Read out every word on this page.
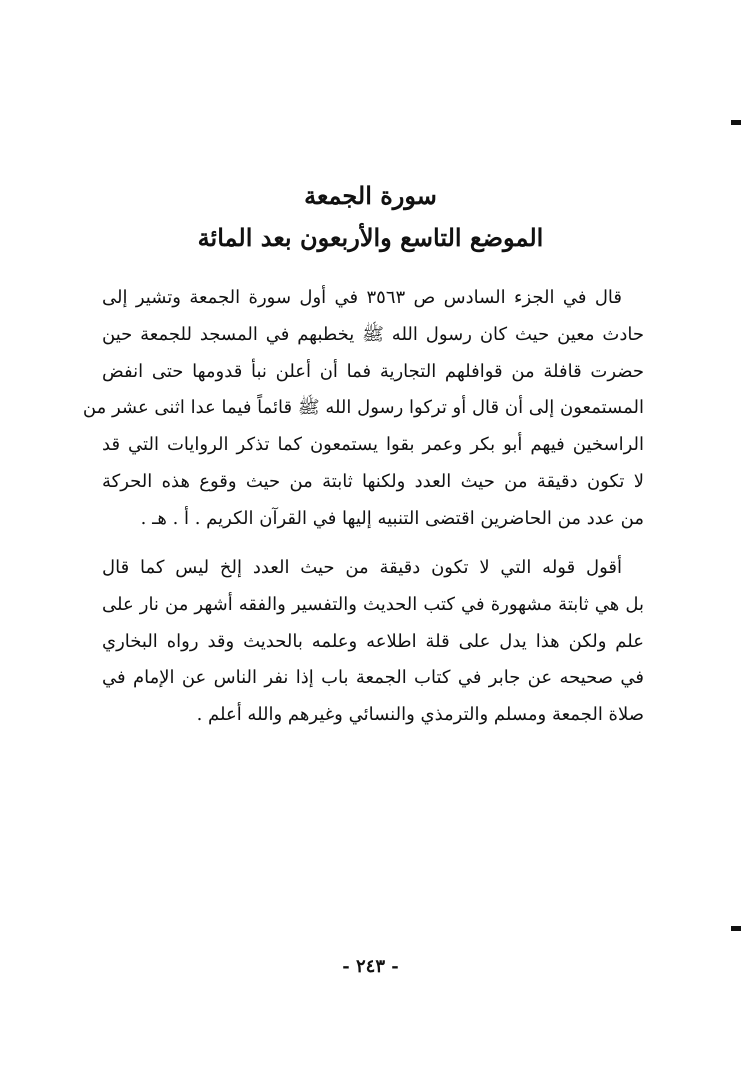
سورة الجمعة
الموضع التاسع والأربعون بعد المائة
قال في الجزء السادس ص ٣٥٦٣ في أول سورة الجمعة وتشير إلى
حادث معين حيث كان رسول الله ﷺ يخطبهم في المسجد للجمعة حين
حضرت قافلة من قوافلهم التجارية فما أن أعلن نبأ قدومها حتى انفض
المستمعون إلى أن قال أو تركوا رسول الله ﷺ قائماً فيما عدا اثنى عشر من
الراسخين فيهم أبو بكر وعمر بقوا يستمعون كما تذكر الروايات التي قد
لا تكون دقيقة من حيث العدد ولكنها ثابتة من حيث وقوع هذه الحركة
من عدد من الحاضرين اقتضى التنبيه إليها في القرآن الكريم . أ . هـ .
أقول قوله التي لا تكون دقيقة من حيث العدد إلخ ليس كما قال
بل هي ثابتة مشهورة في كتب الحديث والتفسير والفقه أشهر من نار على
علم ولكن هذا يدل على قلة اطلاعه وعلمه بالحديث وقد رواه البخاري
في صحيحه عن جابر في كتاب الجمعة باب إذا نفر الناس عن الإمام في
صلاة الجمعة ومسلم والترمذي والنسائي وغيرهم والله أعلم .
- ٢٤٣ -
